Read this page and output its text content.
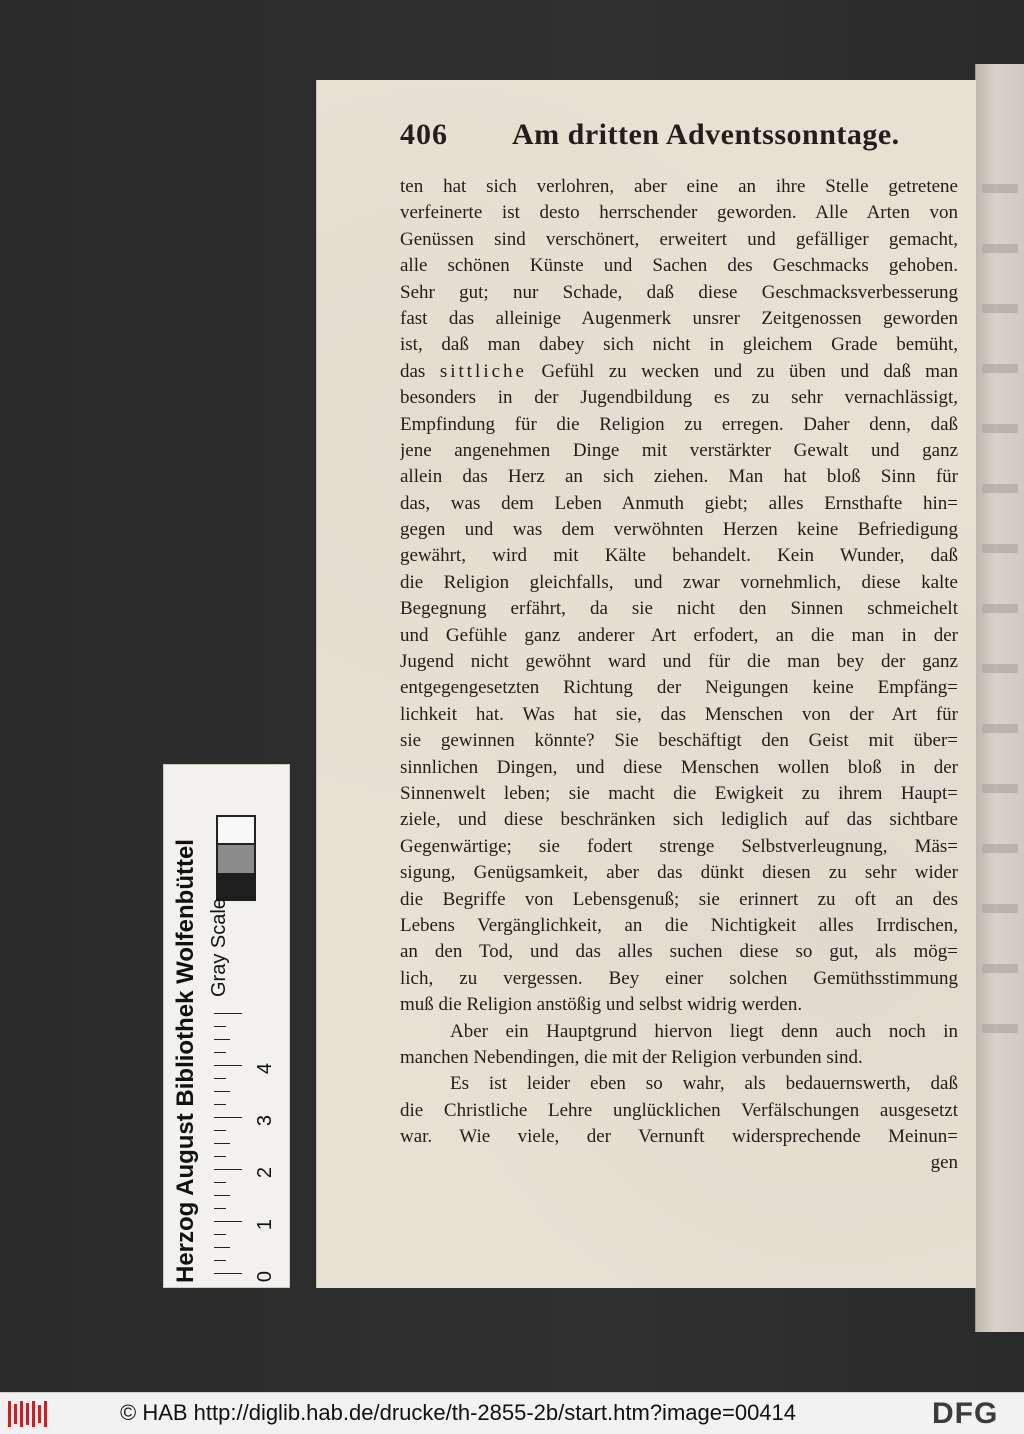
406 Am dritten Adventssonntage.
ten hat sich verlohren, aber eine an ihre Stelle getretene
verfeinerte ist desto herrschender geworden. Alle Arten von
Genüssen sind verschönert, erweitert und gefälliger gemacht,
alle schönen Künste und Sachen des Geschmacks gehoben.
Sehr gut; nur Schade, daß diese Geschmacksverbesserung
fast das alleinige Augenmerk unsrer Zeitgenossen geworden
ist, daß man dabey sich nicht in gleichem Grade bemüht,
das sittliche Gefühl zu wecken und zu üben und daß man
besonders in der Jugendbildung es zu sehr vernachlässigt,
Empfindung für die Religion zu erregen. Daher denn, daß
jene angenehmen Dinge mit verstärkter Gewalt und ganz
allein das Herz an sich ziehen. Man hat bloß Sinn für
das, was dem Leben Anmuth giebt; alles Ernsthafte hin=
gegen und was dem verwöhnten Herzen keine Befriedigung
gewährt, wird mit Kälte behandelt. Kein Wunder, daß
die Religion gleichfalls, und zwar vornehmlich, diese kalte
Begegnung erfährt, da sie nicht den Sinnen schmeichelt
und Gefühle ganz anderer Art erfodert, an die man in der
Jugend nicht gewöhnt ward und für die man bey der ganz
entgegengesetzten Richtung der Neigungen keine Empfäng=
lichkeit hat. Was hat sie, das Menschen von der Art für
sie gewinnen könnte? Sie beschäftigt den Geist mit über=
sinnlichen Dingen, und diese Menschen wollen bloß in der
Sinnenwelt leben; sie macht die Ewigkeit zu ihrem Haupt=
ziele, und diese beschränken sich lediglich auf das sichtbare
Gegenwärtige; sie fodert strenge Selbstverleugnung, Mäs=
sigung, Genügsamkeit, aber das dünkt diesen zu sehr wider
die Begriffe von Lebensgenuß; sie erinnert zu oft an des
Lebens Vergänglichkeit, an die Nichtigkeit alles Irrdischen,
an den Tod, und das alles suchen diese so gut, als mög=
lich, zu vergessen. Bey einer solchen Gemüthsstimmung
muß die Religion anstößig und selbst widrig werden.
Aber ein Hauptgrund hiervon liegt denn auch noch in
manchen Nebendingen, die mit der Religion verbunden sind.
Es ist leider eben so wahr, als bedauernswerth, daß
die Christliche Lehre unglücklichen Verfälschungen ausgesetzt
war. Wie viele, der Vernunft widersprechende Meinun=
gen
Herzog August Bibliothek Wolfenbüttel Gray Scale
0
1
2
3
4
© HAB http://diglib.hab.de/drucke/th-2855-2b/start.htm?image=00414	DFG
